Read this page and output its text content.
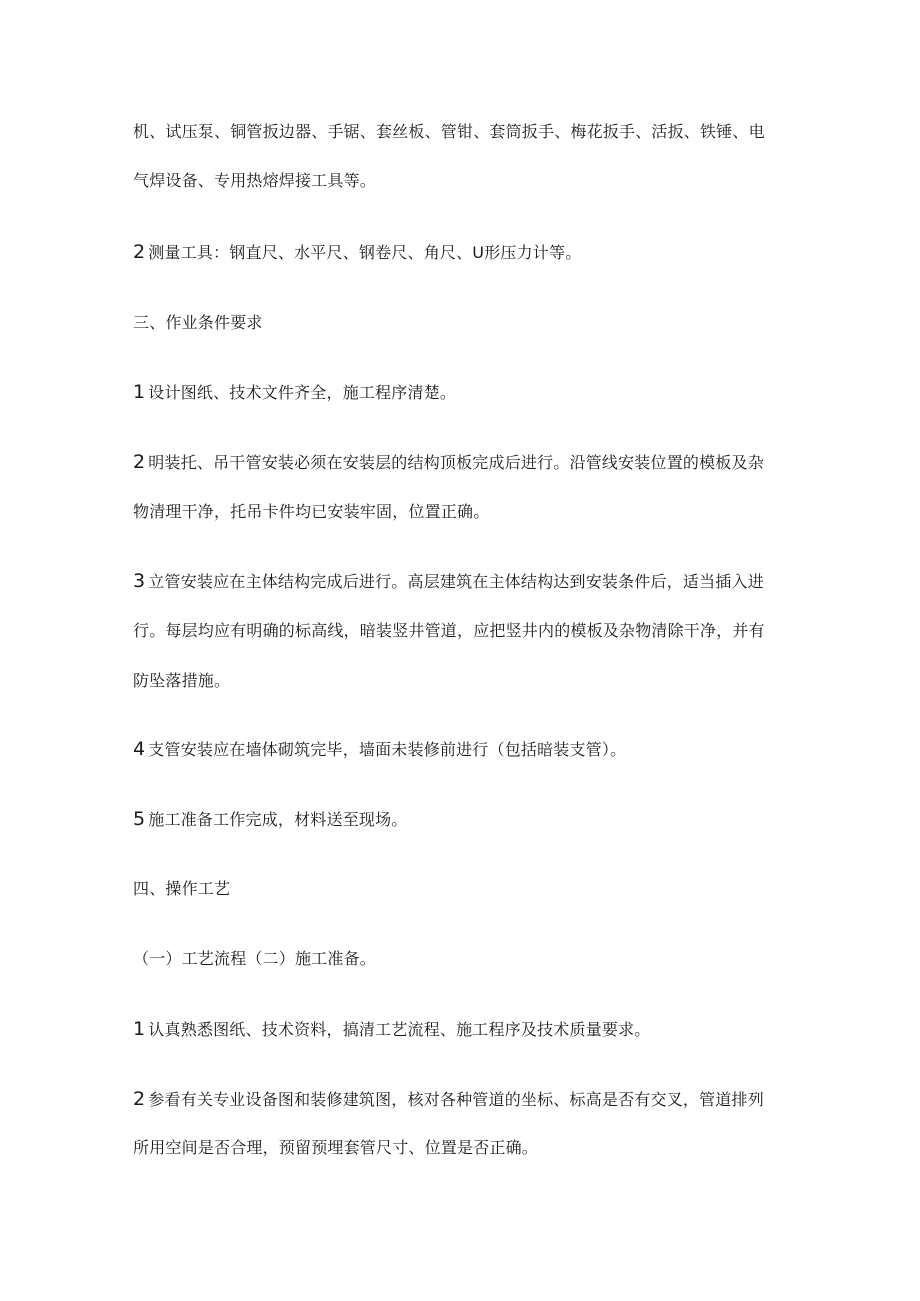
机、试压泵、铜管扳边器、手锯、套丝板、管钳、套筒扳手、梅花扳手、活扳、铁锤、电
气焊设备、专用热熔焊接工具等。
2 测量工具：钢直尺、水平尺、钢卷尺、角尺、U形压力计等。
三、作业条件要求
1 设计图纸、技术文件齐全，施工程序清楚。
2 明装托、吊干管安装必须在安装层的结构顶板完成后进行。沿管线安装位置的模板及杂
物清理干净，托吊卡件均已安装牢固，位置正确。
3 立管安装应在主体结构完成后进行。高层建筑在主体结构达到安装条件后，适当插入进
行。每层均应有明确的标高线，暗装竖井管道，应把竖井内的模板及杂物清除干净，并有
防坠落措施。
4 支管安装应在墙体砌筑完毕，墙面未装修前进行（包括暗装支管）。
5 施工准备工作完成，材料送至现场。
四、操作工艺
（一）工艺流程（二）施工准备。
1 认真熟悉图纸、技术资料，搞清工艺流程、施工程序及技术质量要求。
2 参看有关专业设备图和装修建筑图，核对各种管道的坐标、标高是否有交叉，管道排列
所用空间是否合理，预留预埋套管尺寸、位置是否正确。
